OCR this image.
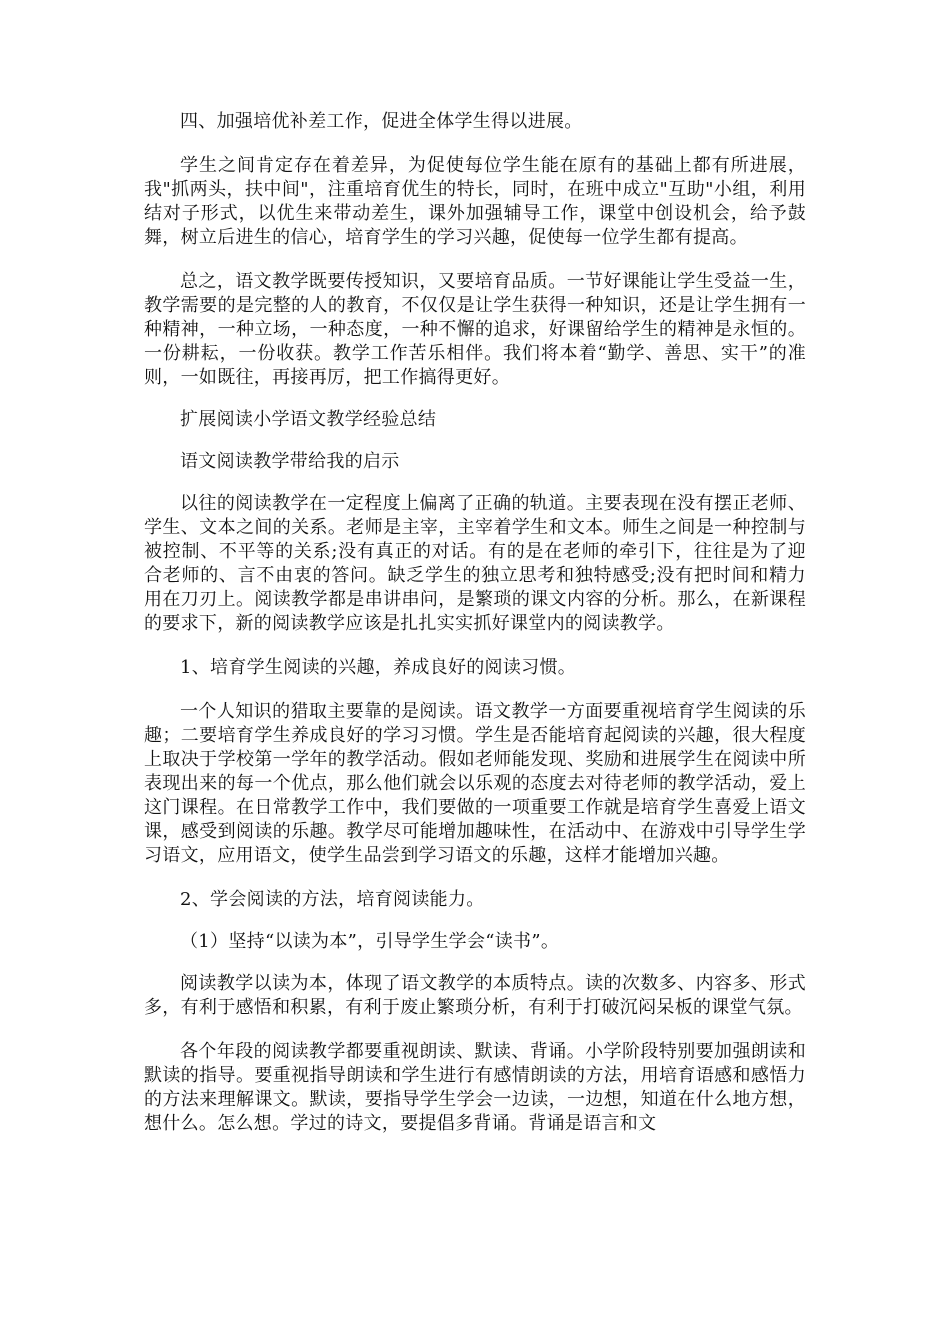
四、加强培优补差工作，促进全体学生得以进展。

学生之间肯定存在着差异，为促使每位学生能在原有的基础上都有所进展，我"抓两头，扶中间"，注重培育优生的特长，同时，在班中成立"互助"小组，利用结对子形式，以优生来带动差生，课外加强辅导工作，课堂中创设机会，给予鼓舞，树立后进生的信心，培育学生的学习兴趣，促使每一位学生都有提高。

总之，语文教学既要传授知识，又要培育品质。一节好课能让学生受益一生，教学需要的是完整的人的教育，不仅仅是让学生获得一种知识，还是让学生拥有一种精神，一种立场，一种态度，一种不懈的追求，好课留给学生的精神是永恒的。一份耕耘，一份收获。教学工作苦乐相伴。我们将本着“勤学、善思、实干”的准则，一如既往，再接再厉，把工作搞得更好。

扩展阅读小学语文教学经验总结

语文阅读教学带给我的启示

以往的阅读教学在一定程度上偏离了正确的轨道。主要表现在没有摆正老师、学生、文本之间的关系。老师是主宰，主宰着学生和文本。师生之间是一种控制与被控制、不平等的关系;没有真正的对话。有的是在老师的牵引下，往往是为了迎合老师的、言不由衷的答问。缺乏学生的独立思考和独特感受;没有把时间和精力用在刀刃上。阅读教学都是串讲串问，是繁琐的课文内容的分析。那么，在新课程的要求下，新的阅读教学应该是扎扎实实抓好课堂内的阅读教学。

1、培育学生阅读的兴趣，养成良好的阅读习惯。

一个人知识的猎取主要靠的是阅读。语文教学一方面要重视培育学生阅读的乐趣；二要培育学生养成良好的学习习惯。学生是否能培育起阅读的兴趣，很大程度上取决于学校第一学年的教学活动。假如老师能发现、奖励和进展学生在阅读中所表现出来的每一个优点，那么他们就会以乐观的态度去对待老师的教学活动，爱上这门课程。在日常教学工作中，我们要做的一项重要工作就是培育学生喜爱上语文课，感受到阅读的乐趣。教学尽可能增加趣味性，在活动中、在游戏中引导学生学习语文，应用语文，使学生品尝到学习语文的乐趣，这样才能增加兴趣。

2、学会阅读的方法，培育阅读能力。

（1）坚持“以读为本”，引导学生学会“读书”。

阅读教学以读为本，体现了语文教学的本质特点。读的次数多、内容多、形式多，有利于感悟和积累，有利于废止繁琐分析，有利于打破沉闷呆板的课堂气氛。

各个年段的阅读教学都要重视朗读、默读、背诵。小学阶段特别要加强朗读和默读的指导。要重视指导朗读和学生进行有感情朗读的方法，用培育语感和感悟力的方法来理解课文。默读，要指导学生学会一边读，一边想，知道在什么地方想，想什么。怎么想。学过的诗文，要提倡多背诵。背诵是语言和文
